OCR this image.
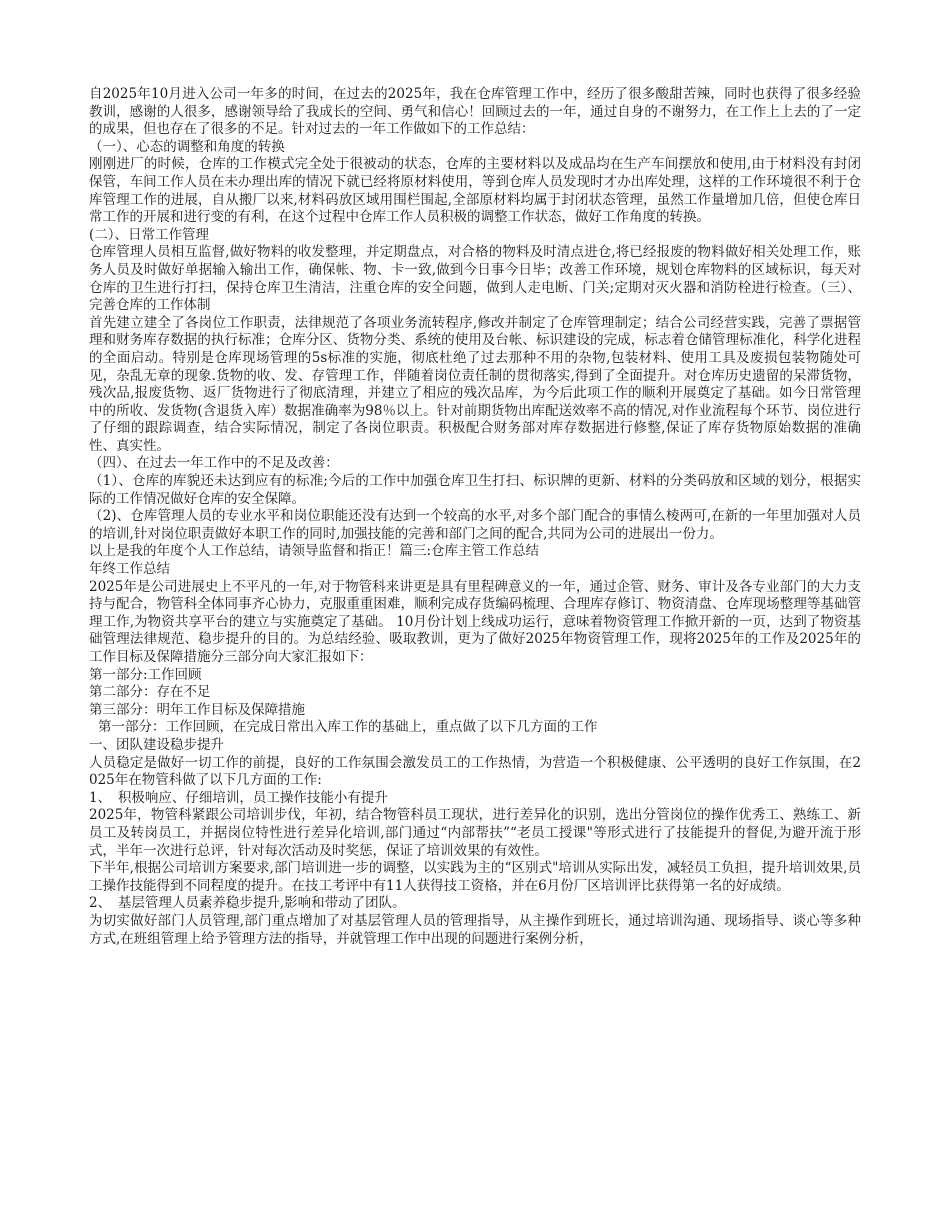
自2025年10月进入公司一年多的时间，在过去的2025年，我在仓库管理工作中，经历了很多酸甜苦辣，同时也获得了很多经验教训，感谢的人很多，感谢领导给了我成长的空间、勇气和信心！回顾过去的一年，通过自身的不谢努力，在工作上上去的了一定的成果，但也存在了很多的不足。针对过去的一年工作做如下的工作总结：

（一）、心态的调整和角度的转换

刚刚进厂的时候，仓库的工作模式完全处于很被动的状态，仓库的主要材料以及成品均在生产车间摆放和使用,由于材料没有封闭保管，车间工作人员在未办理出库的情况下就已经将原材料使用，等到仓库人员发现时才办出库处理，这样的工作环境很不利于仓库管理工作的进展，自从搬厂以来,材料码放区域用围栏围起,全部原材料均属于封闭状态管理，虽然工作量增加几倍，但使仓库日常工作的开展和进行变的有利，在这个过程中仓库工作人员积极的调整工作状态，做好工作角度的转换。

(二）、日常工作管理

仓库管理人员相互监督,做好物料的收发整理，并定期盘点，对合格的物料及时清点进仓,将已经报废的物料做好相关处理工作，账务人员及时做好单据输入输出工作，确保帐、物、卡一致,做到今日事今日毕；改善工作环境，规划仓库物料的区域标识，每天对仓库的卫生进行打扫，保持仓库卫生清洁，注重仓库的安全问题，做到人走电断、门关;定期对灭火器和消防栓进行检查。（三）、完善仓库的工作体制

首先建立建全了各岗位工作职责，法律规范了各项业务流转程序,修改并制定了仓库管理制定；结合公司经营实践，完善了票据管理和财务库存数据的执行标准；仓库分区、货物分类、系统的使用及台帐、标识建设的完成，标志着仓储管理标准化，科学化进程的全面启动。特别是仓库现场管理的5s标准的实施，彻底杜绝了过去那种不用的杂物,包装材料、使用工具及废损包装物随处可见，杂乱无章的现象.货物的收、发、存管理工作，伴随着岗位责任制的贯彻落实,得到了全面提升。对仓库历史遗留的呆滞货物，残次品,报废货物、返厂货物进行了彻底清理，并建立了相应的残次品库，为今后此项工作的顺利开展奠定了基础。如今日常管理中的所收、发货物(含退货入库）数据准确率为98％以上。针对前期货物出库配送效率不高的情况,对作业流程每个环节、岗位进行了仔细的跟踪调查，结合实际情况，制定了各岗位职责。积极配合财务部对库存数据进行修整,保证了库存货物原始数据的准确性、真实性。

（四）、在过去一年工作中的不足及改善：

（1）、仓库的库貌还未达到应有的标准;今后的工作中加强仓库卫生打扫、标识牌的更新、材料的分类码放和区域的划分，根据实际的工作情况做好仓库的安全保障。

（2)、仓库管理人员的专业水平和岗位职能还没有达到一个较高的水平,对多个部门配合的事情么棱两可,在新的一年里加强对人员的培训,针对岗位职责做好本职工作的同时,加强技能的完善和部门之间的配合,共同为公司的进展出一份力。

以上是我的年度个人工作总结，请领导监督和指正！篇三:仓库主管工作总结

年终工作总结

2025年是公司进展史上不平凡的一年,对于物管科来讲更是具有里程碑意义的一年，通过企管、财务、审计及各专业部门的大力支持与配合，物管科全体同事齐心协力，克服重重困难，顺利完成存货编码梳理、合理库存修订、物资清盘、仓库现场整理等基础管理工作,为物资共享平台的建立与实施奠定了基础。 10月份计划上线成功运行，意味着物资管理工作掀开新的一页，达到了物资基础管理法律规范、稳步提升的目的。为总结经验、吸取教训，更为了做好2025年物资管理工作，现将2025年的工作及2025年的工作目标及保障措施分三部分向大家汇报如下：

第一部分:工作回顾

第二部分：存在不足

第三部分：明年工作目标及保障措施

第一部分：工作回顾，在完成日常出入库工作的基础上，重点做了以下几方面的工作

一、团队建设稳步提升

人员稳定是做好一切工作的前提，良好的工作氛围会激发员工的工作热情，为营造一个积极健康、公平透明的良好工作氛围，在2025年在物管科做了以下几方面的工作:

1、　积极响应、仔细培训，员工操作技能小有提升

2025年，物管科紧跟公司培训步伐，年初，结合物管科员工现状，进行差异化的识别，选出分管岗位的操作优秀工、熟练工、新员工及转岗员工，并据岗位特性进行差异化培训,部门通过“内部帮扶”“老员工授课"等形式进行了技能提升的督促,为避开流于形式，半年一次进行总评，针对每次活动及时奖惩，保证了培训效果的有效性。

下半年,根据公司培训方案要求,部门培训进一步的调整，以实践为主的“区别式"培训从实际出发，减轻员工负担，提升培训效果,员工操作技能得到不同程度的提升。在技工考评中有11人获得技工资格，并在6月份厂区培训评比获得第一名的好成绩。

2、　基层管理人员素养稳步提升,影响和带动了团队。

为切实做好部门人员管理,部门重点增加了对基层管理人员的管理指导，从主操作到班长，通过培训沟通、现场指导、谈心等多种方式,在班组管理上给予管理方法的指导，并就管理工作中出现的问题进行案例分析，
